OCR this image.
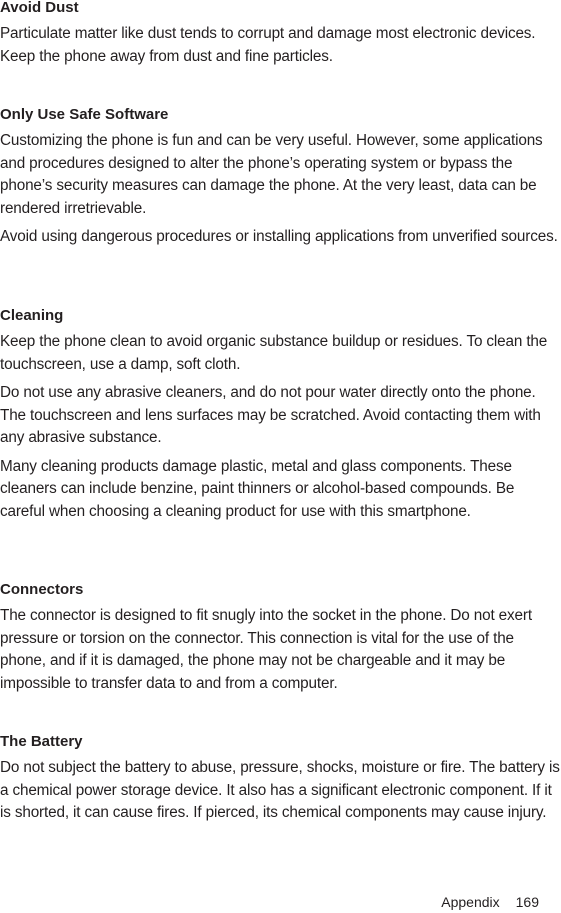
Avoid Dust

Particulate matter like dust tends to corrupt and damage most electronic devices. Keep the phone away from dust and fine particles.

Only Use Safe Software

Customizing the phone is fun and can be very useful. However, some applications and procedures designed to alter the phone’s operating system or bypass the phone’s security measures can damage the phone. At the very least, data can be rendered irretrievable.

Avoid using dangerous procedures or installing applications from unverified sources.

Cleaning

Keep the phone clean to avoid organic substance buildup or residues. To clean the touchscreen, use a damp, soft cloth.

Do not use any abrasive cleaners, and do not pour water directly onto the phone. The touchscreen and lens surfaces may be scratched. Avoid contacting them with any abrasive substance.

Many cleaning products damage plastic, metal and glass components. These cleaners can include benzine, paint thinners or alcohol-based compounds. Be careful when choosing a cleaning product for use with this smartphone.

Connectors

The connector is designed to fit snugly into the socket in the phone. Do not exert pressure or torsion on the connector. This connection is vital for the use of the phone, and if it is damaged, the phone may not be chargeable and it may be impossible to transfer data to and from a computer.

The Battery

Do not subject the battery to abuse, pressure, shocks, moisture or fire. The battery is a chemical power storage device. It also has a significant electronic component. If it is shorted, it can cause fires. If pierced, its chemical components may cause injury.

Appendix 169
